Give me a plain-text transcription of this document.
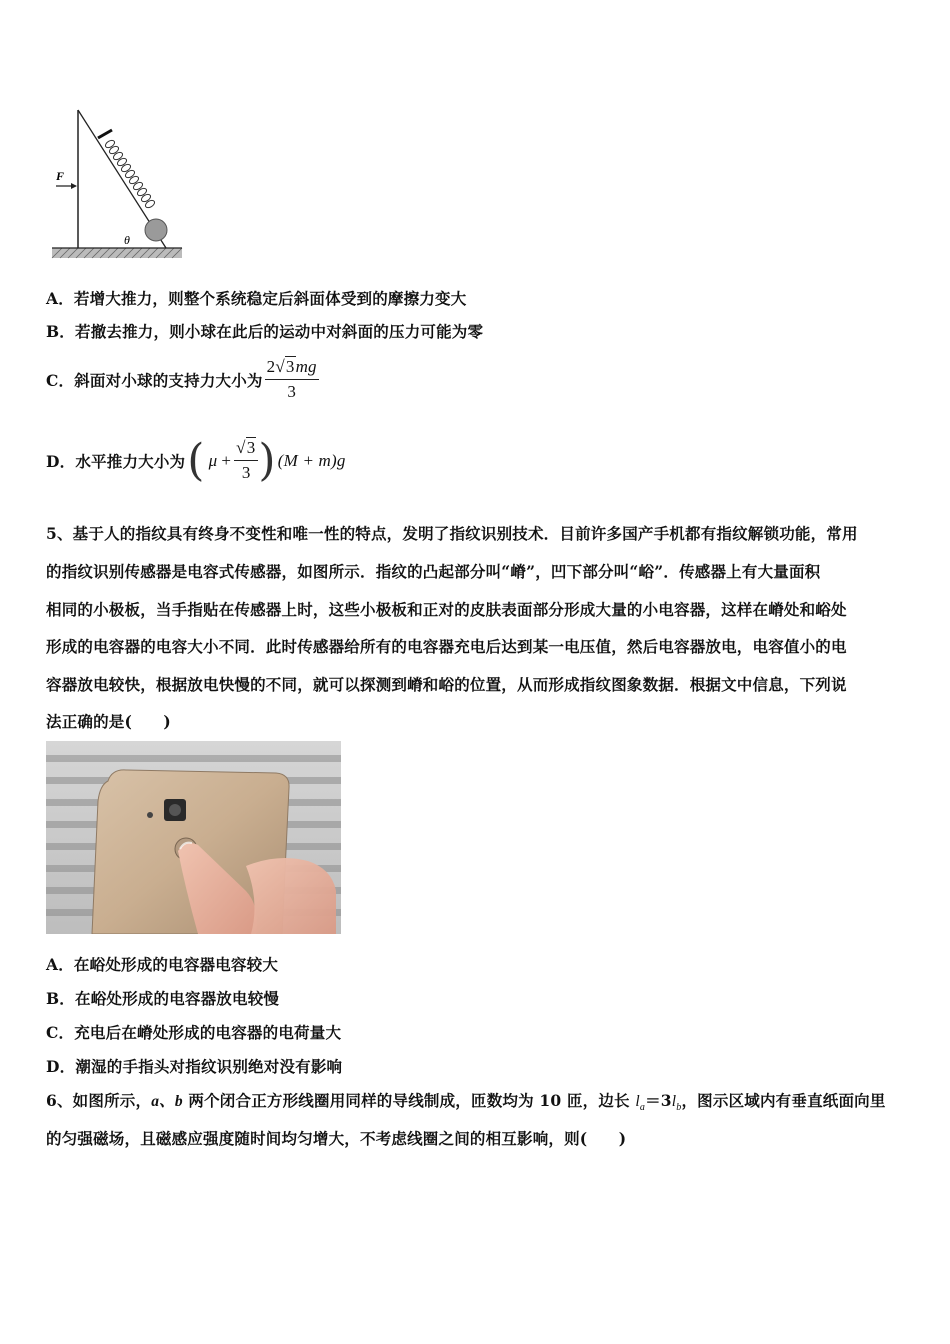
F
θ
A．若增大推力，则整个系统稳定后斜面体受到的摩擦力变大
B．若撤去推力，则小球在此后的运动中对斜面的压力可能为零
C．斜面对小球的支持力大小为 $\frac{2√3mg}{3}$
D．水平推力大小为 ( $\mu + \frac{√3}{3}$ ) (M + m)g
5、基于人的指纹具有终身不变性和唯一性的特点，发明了指纹识别技术．目前许多国产手机都有指纹解锁功能，常用
的指纹识别传感器是电容式传感器，如图所示．指纹的凸起部分叫“嵴”，凹下部分叫“峪”．传感器上有大量面积
相同的小极板，当手指贴在传感器上时，这些小极板和正对的皮肤表面部分形成大量的小电容器，这样在嵴处和峪处
形成的电容器的电容大小不同．此时传感器给所有的电容器充电后达到某一电压值，然后电容器放电，电容值小的电
容器放电较快，根据放电快慢的不同，就可以探测到嵴和峪的位置，从而形成指纹图象数据．根据文中信息，下列说
法正确的是(　　)
A．在峪处形成的电容器电容较大
B．在峪处形成的电容器放电较慢
C．充电后在嵴处形成的电容器的电荷量大
D．潮湿的手指头对指纹识别绝对没有影响
6、如图所示，a、b 两个闭合正方形线圈用同样的导线制成，匝数均为 10 匝，边长 $l_a=3l_b$，图示区域内有垂直纸面向里
的匀强磁场，且磁感应强度随时间均匀增大，不考虑线圈之间的相互影响，则(　　)
